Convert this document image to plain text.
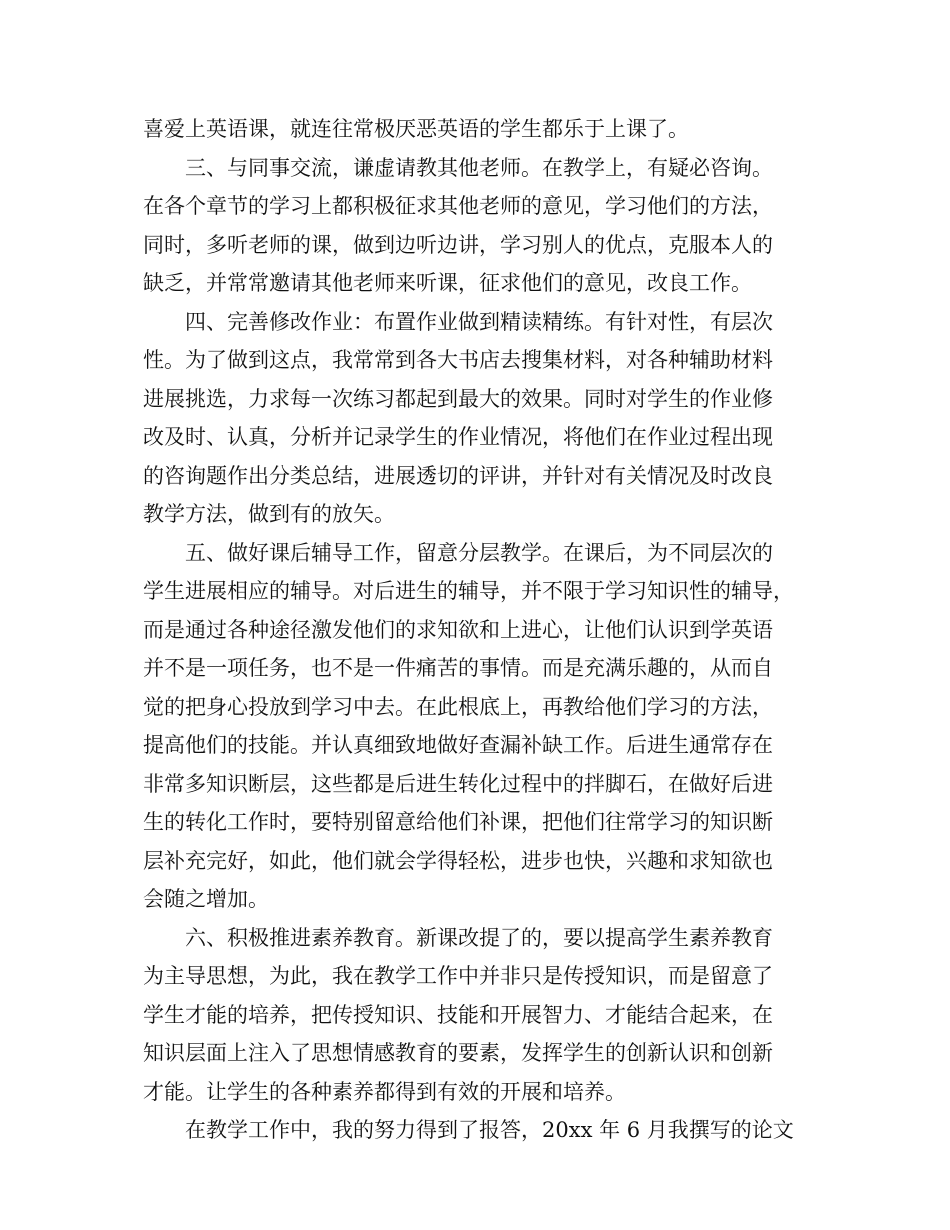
喜爱上英语课，就连往常极厌恶英语的学生都乐于上课了。
三、与同事交流，谦虚请教其他老师。在教学上，有疑必咨询。
在各个章节的学习上都积极征求其他老师的意见，学习他们的方法，
同时，多听老师的课，做到边听边讲，学习别人的优点，克服本人的
缺乏，并常常邀请其他老师来听课，征求他们的意见，改良工作。
四、完善修改作业：布置作业做到精读精练。有针对性，有层次
性。为了做到这点，我常常到各大书店去搜集材料，对各种辅助材料
进展挑选，力求每一次练习都起到最大的效果。同时对学生的作业修
改及时、认真，分析并记录学生的作业情况，将他们在作业过程出现
的咨询题作出分类总结，进展透切的评讲，并针对有关情况及时改良
教学方法，做到有的放矢。
五、做好课后辅导工作，留意分层教学。在课后，为不同层次的
学生进展相应的辅导。对后进生的辅导，并不限于学习知识性的辅导，
而是通过各种途径激发他们的求知欲和上进心，让他们认识到学英语
并不是一项任务，也不是一件痛苦的事情。而是充满乐趣的，从而自
觉的把身心投放到学习中去。在此根底上，再教给他们学习的方法，
提高他们的技能。并认真细致地做好查漏补缺工作。后进生通常存在
非常多知识断层，这些都是后进生转化过程中的拌脚石，在做好后进
生的转化工作时，要特别留意给他们补课，把他们往常学习的知识断
层补充完好，如此，他们就会学得轻松，进步也快，兴趣和求知欲也
会随之增加。
六、积极推进素养教育。新课改提了的，要以提高学生素养教育
为主导思想，为此，我在教学工作中并非只是传授知识，而是留意了
学生才能的培养，把传授知识、技能和开展智力、才能结合起来，在
知识层面上注入了思想情感教育的要素，发挥学生的创新认识和创新
才能。让学生的各种素养都得到有效的开展和培养。
在教学工作中，我的努力得到了报答，20xx 年 6 月我撰写的论文
